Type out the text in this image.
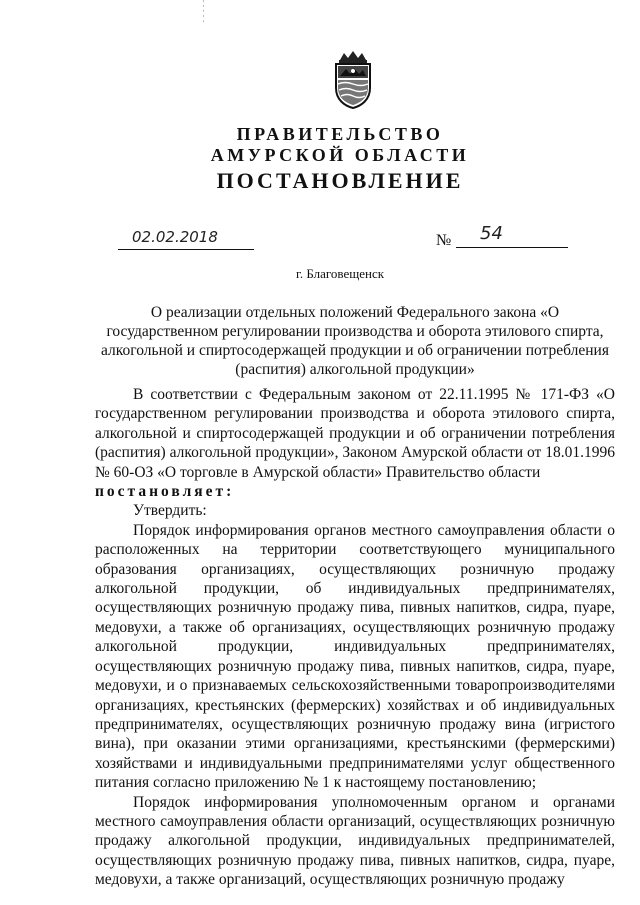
ПРАВИТЕЛЬСТВО
АМУРСКОЙ ОБЛАСТИ
ПОСТАНОВЛЕНИЕ
02.02.2018	№ 54
г. Благовещенск
О реализации отдельных положений Федерального закона «О государственном регулировании производства и оборота этилового спирта, алкогольной и спиртосодержащей продукции и об ограничении потребления (распития) алкогольной продукции»

В соответствии с Федеральным законом от 22.11.1995 № 171-ФЗ «О государственном регулировании производства и оборота этилового спирта, алкогольной и спиртосодержащей продукции и об ограничении потребления (распития) алкогольной продукции», Законом Амурской области от 18.01.1996 № 60-ОЗ «О торговле в Амурской области» Правительство области

постановляет:

Утвердить:

Порядок информирования органов местного самоуправления области о расположенных на территории соответствующего муниципального образования организациях, осуществляющих розничную продажу алкогольной продукции, об индивидуальных предпринимателях, осуществляющих розничную продажу пива, пивных напитков, сидра, пуаре, медовухи, а также об организациях, осуществляющих розничную продажу алкогольной продукции, индивидуальных предпринимателях, осуществляющих розничную продажу пива, пивных напитков, сидра, пуаре, медовухи, и о признаваемых сельскохозяйственными товаропроизводителями организациях, крестьянских (фермерских) хозяйствах и об индивидуальных предпринимателях, осуществляющих розничную продажу вина (игристого вина), при оказании этими организациями, крестьянскими (фермерскими) хозяйствами и индивидуальными предпринимателями услуг общественного питания согласно приложению № 1 к настоящему постановлению;

Порядок информирования уполномоченным органом и органами местного самоуправления области организаций, осуществляющих розничную продажу алкогольной продукции, индивидуальных предпринимателей, осуществляющих розничную продажу пива, пивных напитков, сидра, пуаре, медовухи, а также организаций, осуществляющих розничную продажу
